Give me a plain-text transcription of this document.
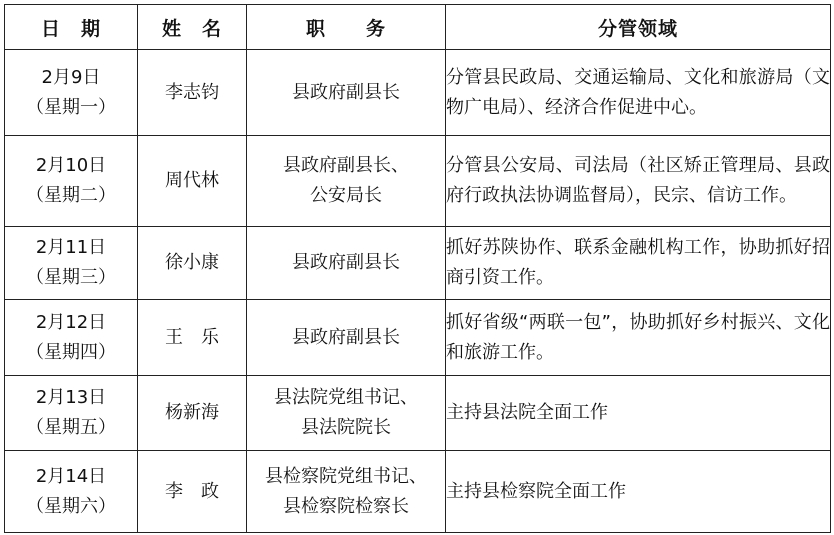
日　期	姓　名	职　　务	分管领域

2月9日
（星期一）	李志钧	县政府副县长	分管县民政局、交通运输局、文化和旅游局（文物广电局）、经济合作促进中心。

2月10日
（星期二）	周代林	县政府副县长、
公安局长	分管县公安局、司法局（社区矫正管理局、县政府行政执法协调监督局），民宗、信访工作。

2月11日
（星期三）	徐小康	县政府副县长	抓好苏陕协作、联系金融机构工作，协助抓好招商引资工作。

2月12日
（星期四）	王　乐	县政府副县长	抓好省级“两联一包”，协助抓好乡村振兴、文化和旅游工作。

2月13日
（星期五）	杨新海	县法院党组书记、
县法院院长	主持县法院全面工作

2月14日
（星期六）	李　政	县检察院党组书记、
县检察院检察长	主持县检察院全面工作
